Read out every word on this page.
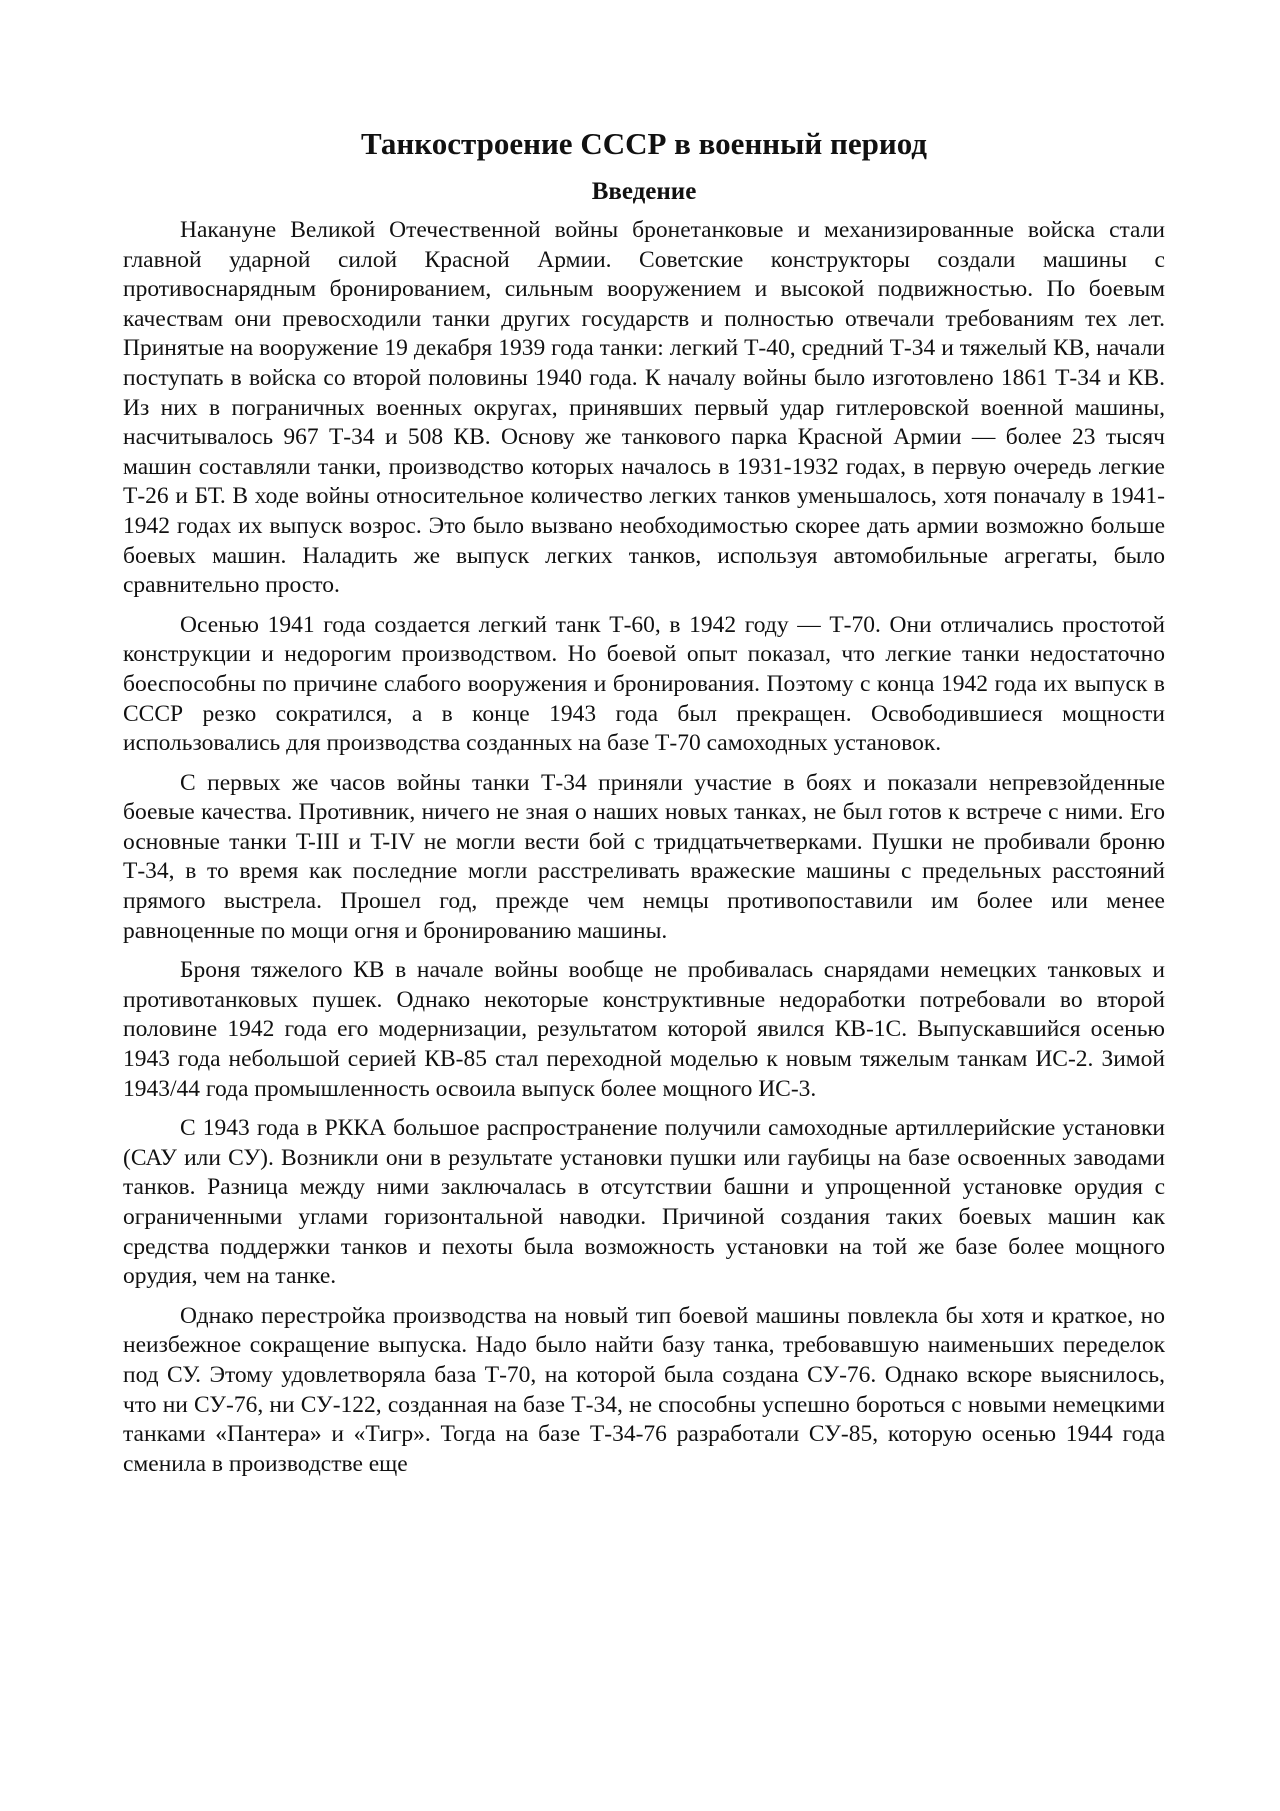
Танкостроение СССР в военный период
Введение

Накануне Великой Отечественной войны бронетанковые и механизированные войска стали главной ударной силой Красной Армии. Советские конструкторы создали машины с противоснарядным бронированием, сильным вооружением и высокой подвижностью. По боевым качествам они превосходили танки других государств и полностью отвечали требованиям тех лет. Принятые на вооружение 19 декабря 1939 года танки: легкий Т-40, средний Т-34 и тяжелый КВ, начали поступать в войска со второй половины 1940 года. К началу войны было изготовлено 1861 Т-34 и КВ. Из них в пограничных военных округах, принявших первый удар гитлеровской военной машины, насчитывалось 967 Т-34 и 508 КВ. Основу же танкового парка Красной Армии — более 23 тысяч машин составляли танки, производство которых началось в 1931-1932 годах, в первую очередь легкие Т-26 и БТ. В ходе войны относительное количество легких танков уменьшалось, хотя поначалу в 1941-1942 годах их выпуск возрос. Это было вызвано необходимостью скорее дать армии возможно больше боевых машин. Наладить же выпуск легких танков, используя автомобильные агрегаты, было сравнительно просто.

Осенью 1941 года создается легкий танк Т-60, в 1942 году — Т-70. Они отличались простотой конструкции и недорогим производством. Но боевой опыт показал, что легкие танки недостаточно боеспособны по причине слабого вооружения и бронирования. Поэтому с конца 1942 года их выпуск в СССР резко сократился, а в конце 1943 года был прекращен. Освободившиеся мощности использовались для производства созданных на базе Т-70 самоходных установок.

С первых же часов войны танки Т-34 приняли участие в боях и показали непревзойденные боевые качества. Противник, ничего не зная о наших новых танках, не был готов к встрече с ними. Его основные танки T-III и T-IV не могли вести бой с тридцатьчетверками. Пушки не пробивали броню Т-34, в то время как последние могли расстреливать вражеские машины с предельных расстояний прямого выстрела. Прошел год, прежде чем немцы противопоставили им более или менее равноценные по мощи огня и бронированию машины.

Броня тяжелого КВ в начале войны вообще не пробивалась снарядами немецких танковых и противотанковых пушек. Однако некоторые конструктивные недоработки потребовали во второй половине 1942 года его модернизации, результатом которой явился КВ-1С. Выпускавшийся осенью 1943 года небольшой серией КВ-85 стал переходной моделью к новым тяжелым танкам ИС-2. Зимой 1943/44 года промышленность освоила выпуск более мощного ИС-3.

С 1943 года в РККА большое распространение получили самоходные артиллерийские установки (САУ или СУ). Возникли они в результате установки пушки или гаубицы на базе освоенных заводами танков. Разница между ними заключалась в отсутствии башни и упрощенной установке орудия с ограниченными углами горизонтальной наводки. Причиной создания таких боевых машин как средства поддержки танков и пехоты была возможность установки на той же базе более мощного орудия, чем на танке.

Однако перестройка производства на новый тип боевой машины повлекла бы хотя и краткое, но неизбежное сокращение выпуска. Надо было найти базу танка, требовавшую наименьших переделок под СУ. Этому удовлетворяла база Т-70, на которой была создана СУ-76. Однако вскоре выяснилось, что ни СУ-76, ни СУ-122, созданная на базе Т-34, не способны успешно бороться с новыми немецкими танками «Пантера» и «Тигр». Тогда на базе Т-34-76 разработали СУ-85, которую осенью 1944 года сменила в производстве еще
